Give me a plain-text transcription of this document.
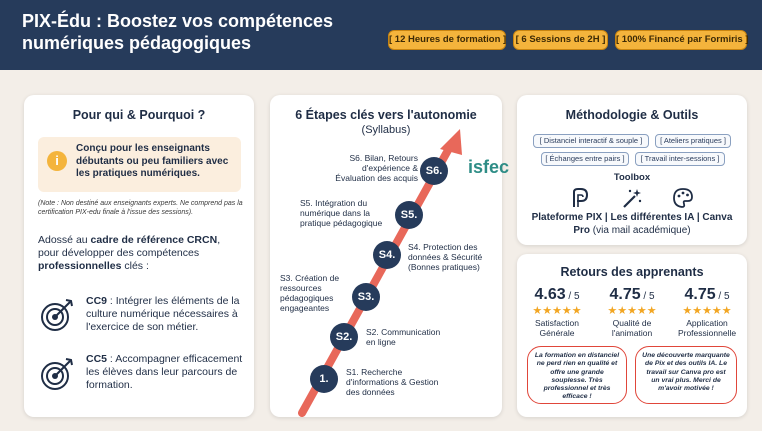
PIX-Édu : Boostez vos compétences numériques pédagogiques	[ 12 Heures de formation ] [ 6 Sessions de 2H ] [ 100% Financé par Formiris ]
Pour qui & Pourquoi ?
i
Conçu pour les enseignants débutants ou peu familiers avec les pratiques numériques.
(Note : Non destiné aux enseignants experts. Ne comprend pas la certification PIX-edu finale à l'issue des sessions).
Adossé au cadre de référence CRCN, pour développer des compétences professionnelles clés :
CC9 : Intégrer les éléments de la culture numérique nécessaires à l'exercice de son métier.
CC5 : Accompagner efficacement les élèves dans leur parcours de formation.
6 Étapes clés vers l'autonomie
(Syllabus)
1.
S2.
S3.
S4.
S5.
S6.
S1. Recherche d'informations & Gestion des données
S2. Communication en ligne
S3. Création de ressources pédagogiques engageantes
S4. Protection des données & Sécurité (Bonnes pratiques)
S5. Intégration du numérique dans la pratique pédagogique
S6. Bilan, Retours d'expérience & Évaluation des acquis
isfec
Méthodologie & Outils
[ Distanciel interactif & souple ]	[ Ateliers pratiques ]
[ Échanges entre pairs ]	[ Travail inter-sessions ]
Toolbox
Plateforme PIX | Les différentes IA | Canva Pro (via mail académique)
Retours des apprenants
4.63 / 5	4.75 / 5	4.75 / 5
★★★★★	★★★★★	★★★★★
Satisfaction Générale
Qualité de l'animation
Application Professionnelle
La formation en distanciel ne perd rien en qualité et offre une grande souplesse. Très professionnel et très efficace !
Une découverte marquante de Pix et des outils IA. Le travail sur Canva pro est un vrai plus. Merci de m'avoir motivée !
